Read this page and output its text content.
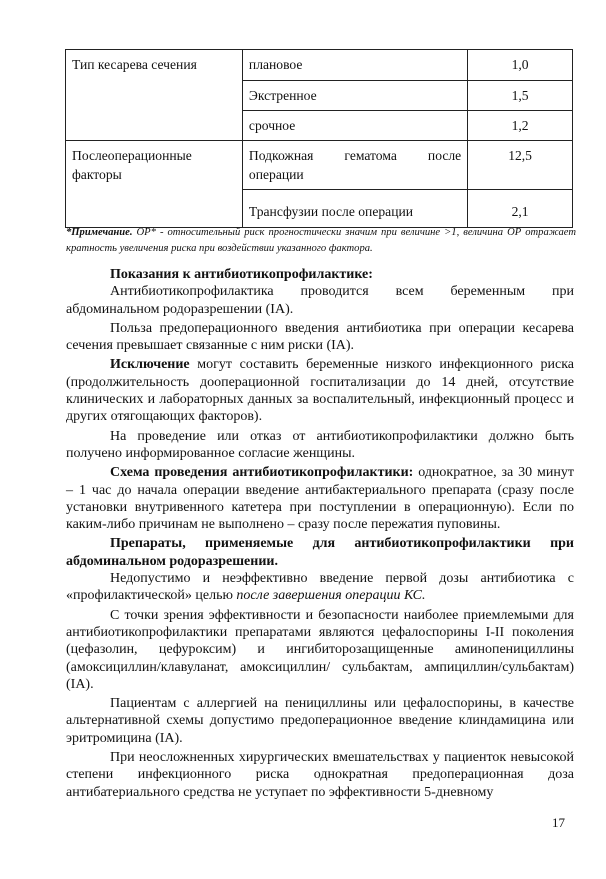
Тип кесарева сечения	плановое	1,0
	Экстренное	1,5
	срочное	1,2
Послеоперационные факторы	Подкожная гематома после операции	12,5
	Трансфузии после операции	2,1
*Примечание. ОР* - относительный риск прогностически значим при величине >1, величина ОР отражает кратность увеличения риска при воздействии указанного фактора.

Показания к антибиотикопрофилактике:

Антибиотикопрофилактика проводится всем беременным при абдоминальном родоразрешении (IA).

Польза предоперационного введения антибиотика при операции кесарева сечения превышает связанные с ним риски (IA).

Исключение могут составить беременные низкого инфекционного риска (продолжительность дооперационной госпитализации до 14 дней, отсутствие клинических и лабораторных данных за воспалительный, инфекционный процесс и других отягощающих факторов).

На проведение или отказ от антибиотикопрофилактики должно быть получено информированное согласие женщины.

Схема проведения антибиотикопрофилактики: однократное, за 30 минут – 1 час до начала операции введение антибактериального препарата (сразу после установки внутривенного катетера при поступлении в операционную). Если по каким-либо причинам не выполнено – сразу после пережатия пуповины.

Препараты, применяемые для антибиотикопрофилактики при абдоминальном родоразрешении.

Недопустимо и неэффективно введение первой дозы антибиотика с «профилактической» целью после завершения операции КС.

С точки зрения эффективности и безопасности наиболее приемлемыми для антибиотикопрофилактики препаратами являются цефалоспорины I-II поколения (цефазолин, цефуроксим) и ингибиторозащищенные аминопенициллины (амоксициллин/клавуланат, амоксициллин/ сульбактам, ампициллин/сульбактам) (IA).

Пациентам с аллергией на пенициллины или цефалоспорины, в качестве альтернативной схемы допустимо предоперационное введение клиндамицина или эритромицина (IA).

При неосложненных хирургических вмешательствах у пациенток невысокой степени инфекционного риска однократная предоперационная доза антибатериального средства не уступает по эффективности 5-дневному

17
